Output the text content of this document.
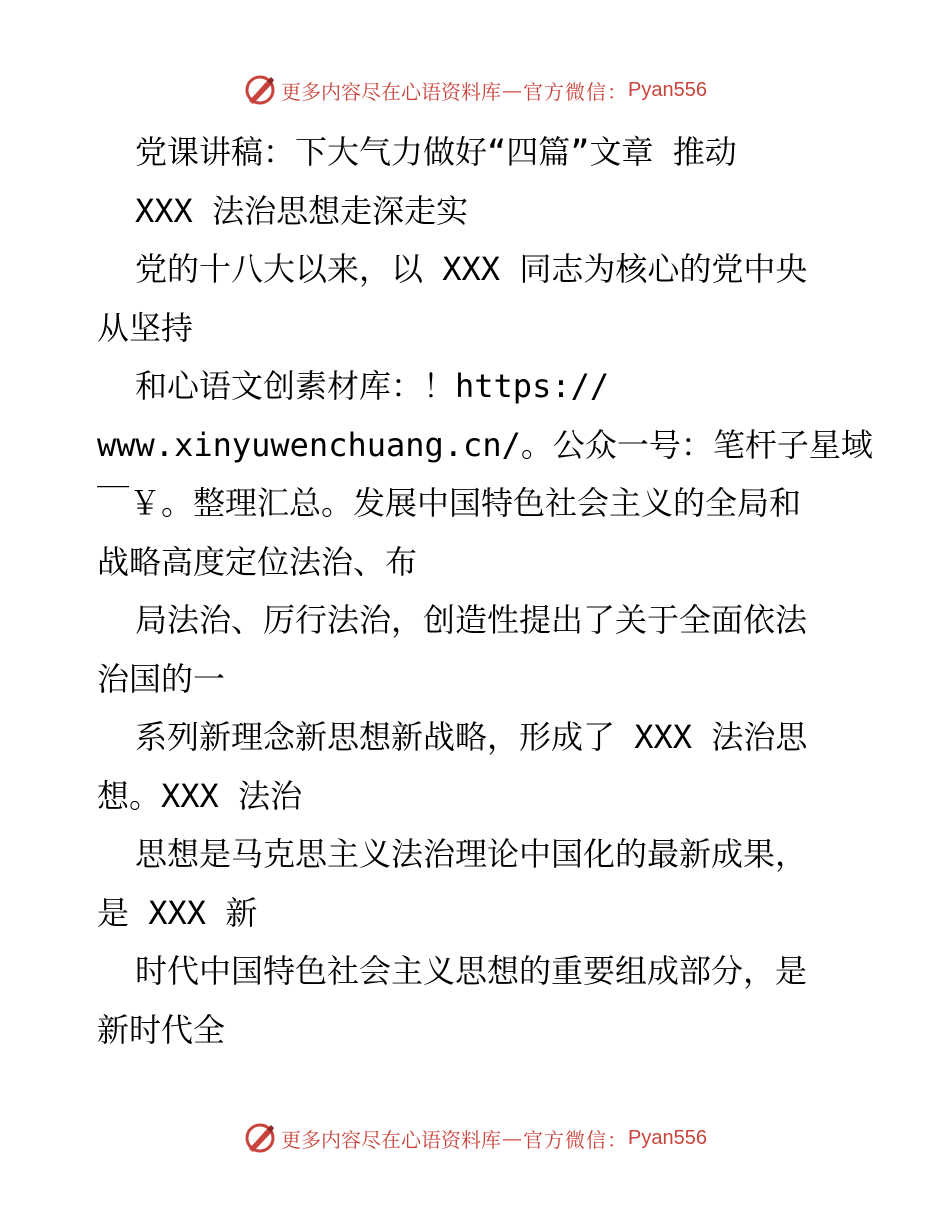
更多内容尽在心语资料库 — 官方微信： Pyan556

党课讲稿：下大气力做好“四篇”文章 推动

XXX 法治思想走深走实

党的十八大以来，以 XXX 同志为核心的党中央

从坚持

和心语文创素材库：！https://

www.xinyuwenchuang.cn/。公众一号：笔杆子星域

￣￥。整理汇总。发展中国特色社会主义的全局和

战略高度定位法治、布

局法治、厉行法治，创造性提出了关于全面依法

治国的一

系列新理念新思想新战略，形成了 XXX 法治思

想。XXX 法治

思想是马克思主义法治理论中国化的最新成果，

是 XXX 新

时代中国特色社会主义思想的重要组成部分，是

新时代全

更多内容尽在心语资料库 — 官方微信： Pyan556
